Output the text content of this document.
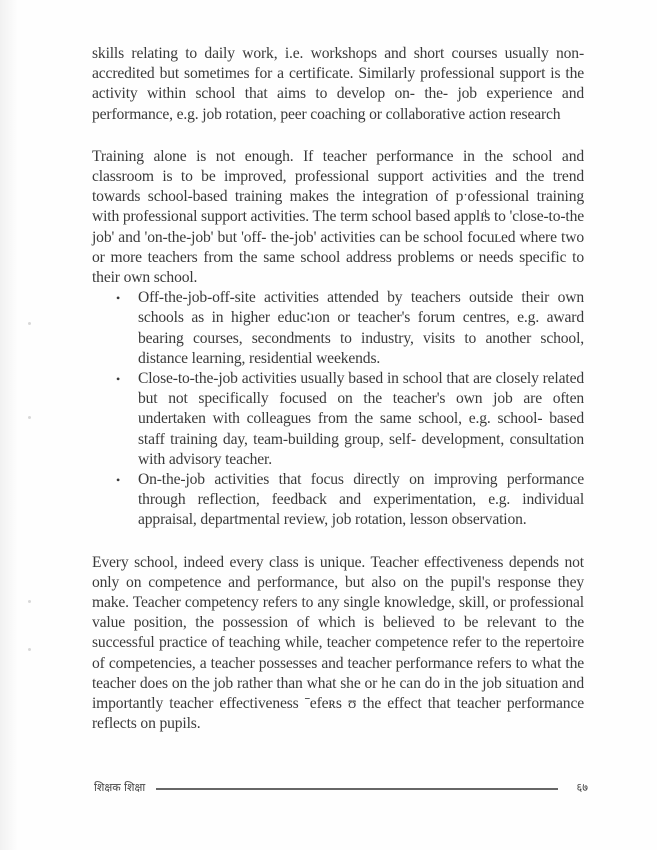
skills relating to daily work, i.e. workshops and short courses usually non-accredited but sometimes for a certificate. Similarly professional support is the activity within school that aims to develop on- the- job experience and performance, e.g. job rotation, peer coaching or collaborative action research

Training alone is not enough. If teacher performance in the school and classroom is to be improved, professional support activities and the trend towards school-based training makes the integration of pˑofessional training with professional support activities. The term school based applıͩs to 'close-to-the job' and 'on-the-job' but 'off- the-job' activities can be school focuʟed where two or more teachers from the same school address problems or needs specific to their own school.

• Off-the-job-off-site activities attended by teachers outside their own schools as in higher educ∶ıon or teacher's forum centres, e.g. award bearing courses, secondments to industry, visits to another school, distance learning, residential weekends.
• Close-to-the-job activities usually based in school that are closely related but not specifically focused on the teacher's own job are often undertaken with colleagues from the same school, e.g. school- based staff training day, team-building group, self- development, consultation with advisory teacher.
• On-the-job activities that focus directly on improving performance through reflection, feedback and experimentation, e.g. individual appraisal, departmental review, job rotation, lesson observation.

Every school, indeed every class is unique. Teacher effectiveness depends not only on competence and performance, but also on the pupil's response they make. Teacher competency refers to any single knowledge, skill, or professional value position, the possession of which is believed to be relevant to the successful practice of teaching while, teacher competence refer to the repertoire of competencies, a teacher possesses and teacher performance refers to what the teacher does on the job rather than what she or he can do in the job situation and importantly teacher effectiveness ˉefeʀs ʊ the effect that teacher performance reflects on pupils.

शिक्षक शिक्षा	६७
